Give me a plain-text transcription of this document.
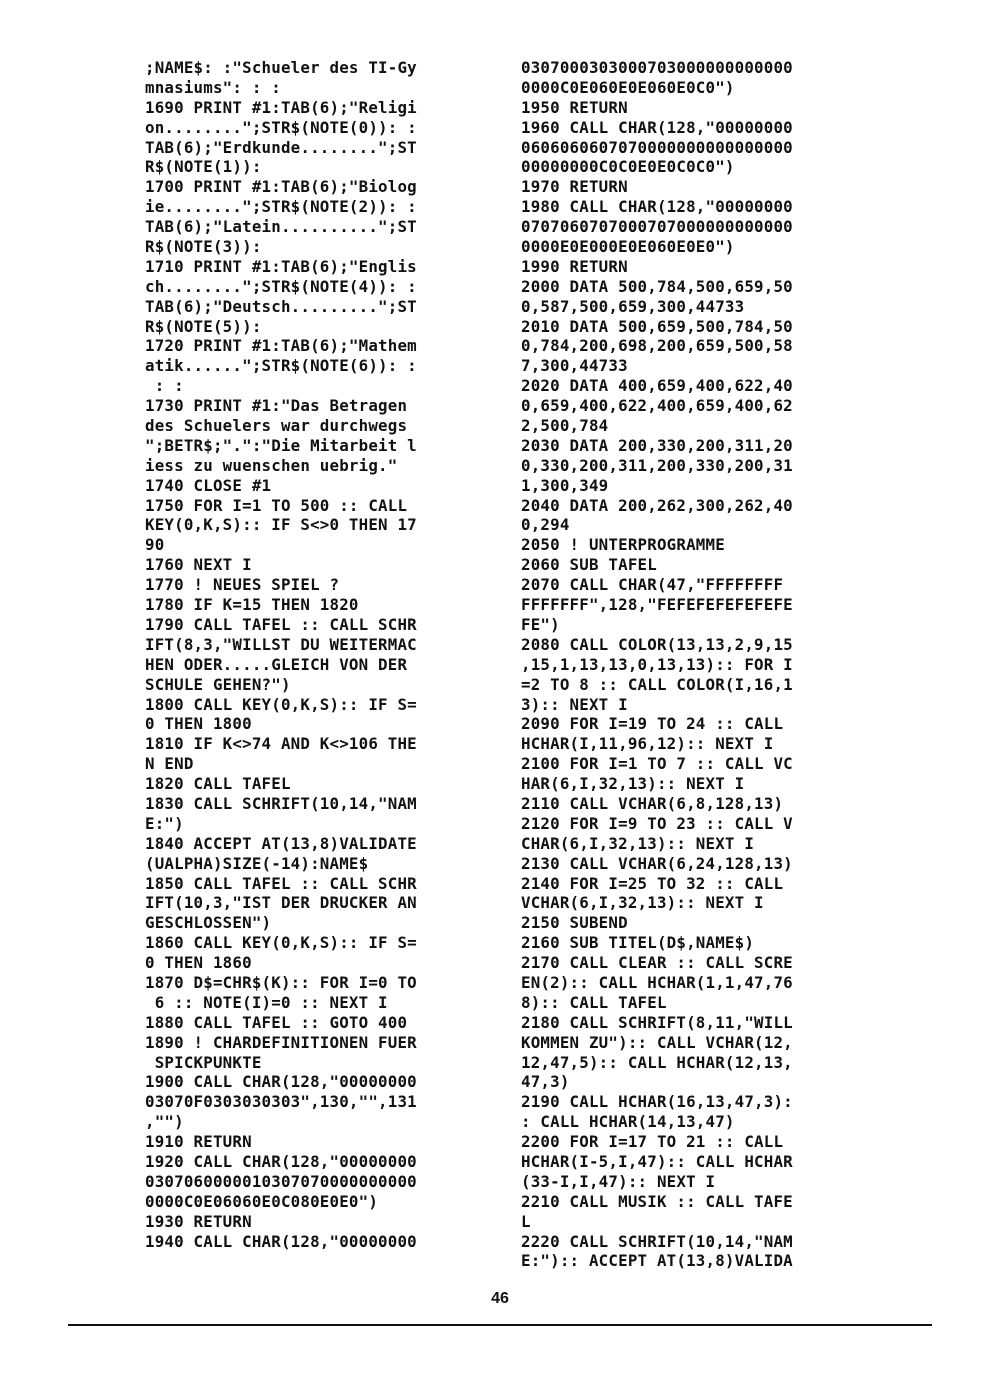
;NAME$: :"Schueler des TI-Gy
mnasiums": : :
1690 PRINT #1:TAB(6);"Religi
on........";STR$(NOTE(0)): :
TAB(6);"Erdkunde........";ST
R$(NOTE(1)):
1700 PRINT #1:TAB(6);"Biolog
ie........";STR$(NOTE(2)): :
TAB(6);"Latein..........";ST
R$(NOTE(3)):
1710 PRINT #1:TAB(6);"Englis
ch........";STR$(NOTE(4)): :
TAB(6);"Deutsch.........";ST
R$(NOTE(5)):
1720 PRINT #1:TAB(6);"Mathem
atik......";STR$(NOTE(6)): :
: :
1730 PRINT #1:"Das Betragen
des Schuelers war durchwegs
";BETR$;".":"Die Mitarbeit l
iess zu wuenschen uebrig."
1740 CLOSE #1
1750 FOR I=1 TO 500 :: CALL
KEY(0,K,S):: IF S<>0 THEN 17
90
1760 NEXT I
1770 ! NEUES SPIEL ?
1780 IF K=15 THEN 1820
1790 CALL TAFEL :: CALL SCHR
IFT(8,3,"WILLST DU WEITERMAC
HEN ODER.....GLEICH VON DER
SCHULE GEHEN?")
1800 CALL KEY(0,K,S):: IF S=
0 THEN 1800
1810 IF K<>74 AND K<>106 THE
N END
1820 CALL TAFEL
1830 CALL SCHRIFT(10,14,"NAM
E:")
1840 ACCEPT AT(13,8)VALIDATE
(UALPHA)SIZE(-14):NAME$
1850 CALL TAFEL :: CALL SCHR
IFT(10,3,"IST DER DRUCKER AN
GESCHLOSSEN")
1860 CALL KEY(0,K,S):: IF S=
0 THEN 1860
1870 D$=CHR$(K):: FOR I=0 TO
6 :: NOTE(I)=0 :: NEXT I
1880 CALL TAFEL :: GOTO 400
1890 ! CHARDEFINITIONEN FUER
SPICKPUNKTE
1900 CALL CHAR(128,"00000000
03070F0303030303",130,"",131
,"")
1910 RETURN
1920 CALL CHAR(128,"00000000
0307060000010307070000000000
0000C0E06060E0C080E0E0")
1930 RETURN
1940 CALL CHAR(128,"00000000
0307000303000703000000000000
0000C0E060E0E060E0C0")
1950 RETURN
1960 CALL CHAR(128,"00000000
0606060607070000000000000000
00000000C0C0E0E0C0C0")
1970 RETURN
1980 CALL CHAR(128,"00000000
0707060707000707000000000000
0000E0E000E0E060E0E0")
1990 RETURN
2000 DATA 500,784,500,659,50
0,587,500,659,300,44733
2010 DATA 500,659,500,784,50
0,784,200,698,200,659,500,58
7,300,44733
2020 DATA 400,659,400,622,40
0,659,400,622,400,659,400,62
2,500,784
2030 DATA 200,330,200,311,20
0,330,200,311,200,330,200,31
1,300,349
2040 DATA 200,262,300,262,40
0,294
2050 ! UNTERPROGRAMME
2060 SUB TAFEL
2070 CALL CHAR(47,"FFFFFFFF
FFFFFFF",128,"FEFEFEFEFEFEFE
FE")
2080 CALL COLOR(13,13,2,9,15
,15,1,13,13,0,13,13):: FOR I
=2 TO 8 :: CALL COLOR(I,16,1
3):: NEXT I
2090 FOR I=19 TO 24 :: CALL
HCHAR(I,11,96,12):: NEXT I
2100 FOR I=1 TO 7 :: CALL VC
HAR(6,I,32,13):: NEXT I
2110 CALL VCHAR(6,8,128,13)
2120 FOR I=9 TO 23 :: CALL V
CHAR(6,I,32,13):: NEXT I
2130 CALL VCHAR(6,24,128,13)
2140 FOR I=25 TO 32 :: CALL
VCHAR(6,I,32,13):: NEXT I
2150 SUBEND
2160 SUB TITEL(D$,NAME$)
2170 CALL CLEAR :: CALL SCRE
EN(2):: CALL HCHAR(1,1,47,76
8):: CALL TAFEL
2180 CALL SCHRIFT(8,11,"WILL
KOMMEN ZU"):: CALL VCHAR(12,
12,47,5):: CALL HCHAR(12,13,
47,3)
2190 CALL HCHAR(16,13,47,3):
: CALL HCHAR(14,13,47)
2200 FOR I=17 TO 21 :: CALL
HCHAR(I-5,I,47):: CALL HCHAR
(33-I,I,47):: NEXT I
2210 CALL MUSIK :: CALL TAFE
L
2220 CALL SCHRIFT(10,14,"NAM
E:"):: ACCEPT AT(13,8)VALIDA
46
